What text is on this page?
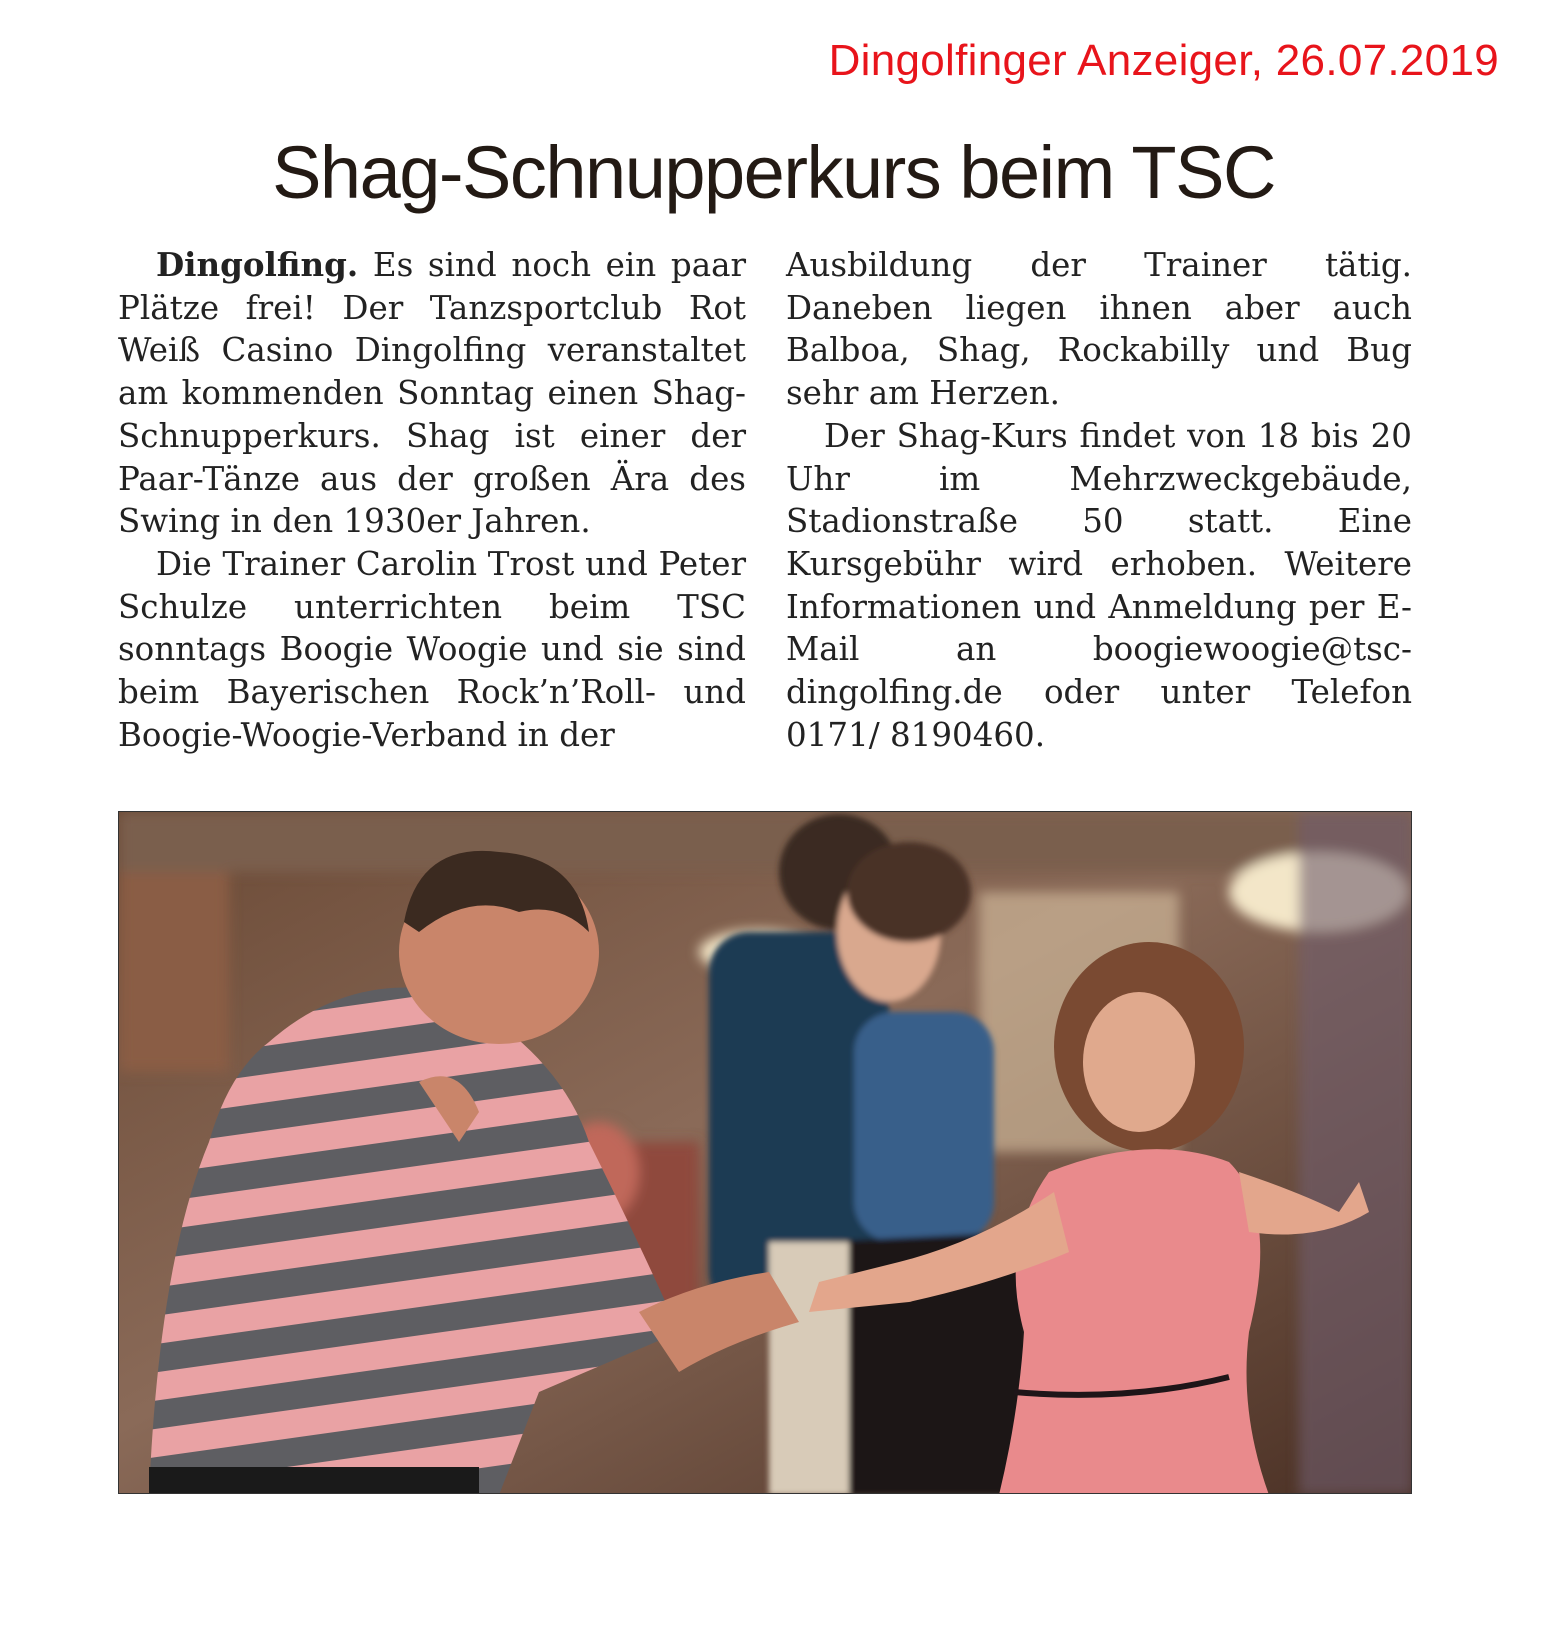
Dingolfinger Anzeiger, 26.07.2019
Shag-Schnupperkurs beim TSC

Dingolfing. Es sind noch ein paar Plätze frei! Der Tanzsportclub Rot Weiß Casino Dingolfing veranstaltet am kommenden Sonntag einen Shag-Schnupperkurs. Shag ist einer der Paar-Tänze aus der großen Ära des Swing in den 1930er Jahren.

Die Trainer Carolin Trost und Peter Schulze unterrichten beim TSC sonntags Boogie Woogie und sie sind beim Bayerischen Rock’n’Roll- und Boogie-Woogie-Verband in der

Ausbildung der Trainer tätig. Daneben liegen ihnen aber auch Balboa, Shag, Rockabilly und Bug sehr am Herzen.

Der Shag-Kurs findet von 18 bis 20 Uhr im Mehrzweckgebäude, Stadionstraße 50 statt. Eine Kursgebühr wird erhoben. Weitere Informationen und Anmeldung per E-Mail an boogiewoogie@tsc-dingolfing.de oder unter Telefon 0171/ 8190460.
